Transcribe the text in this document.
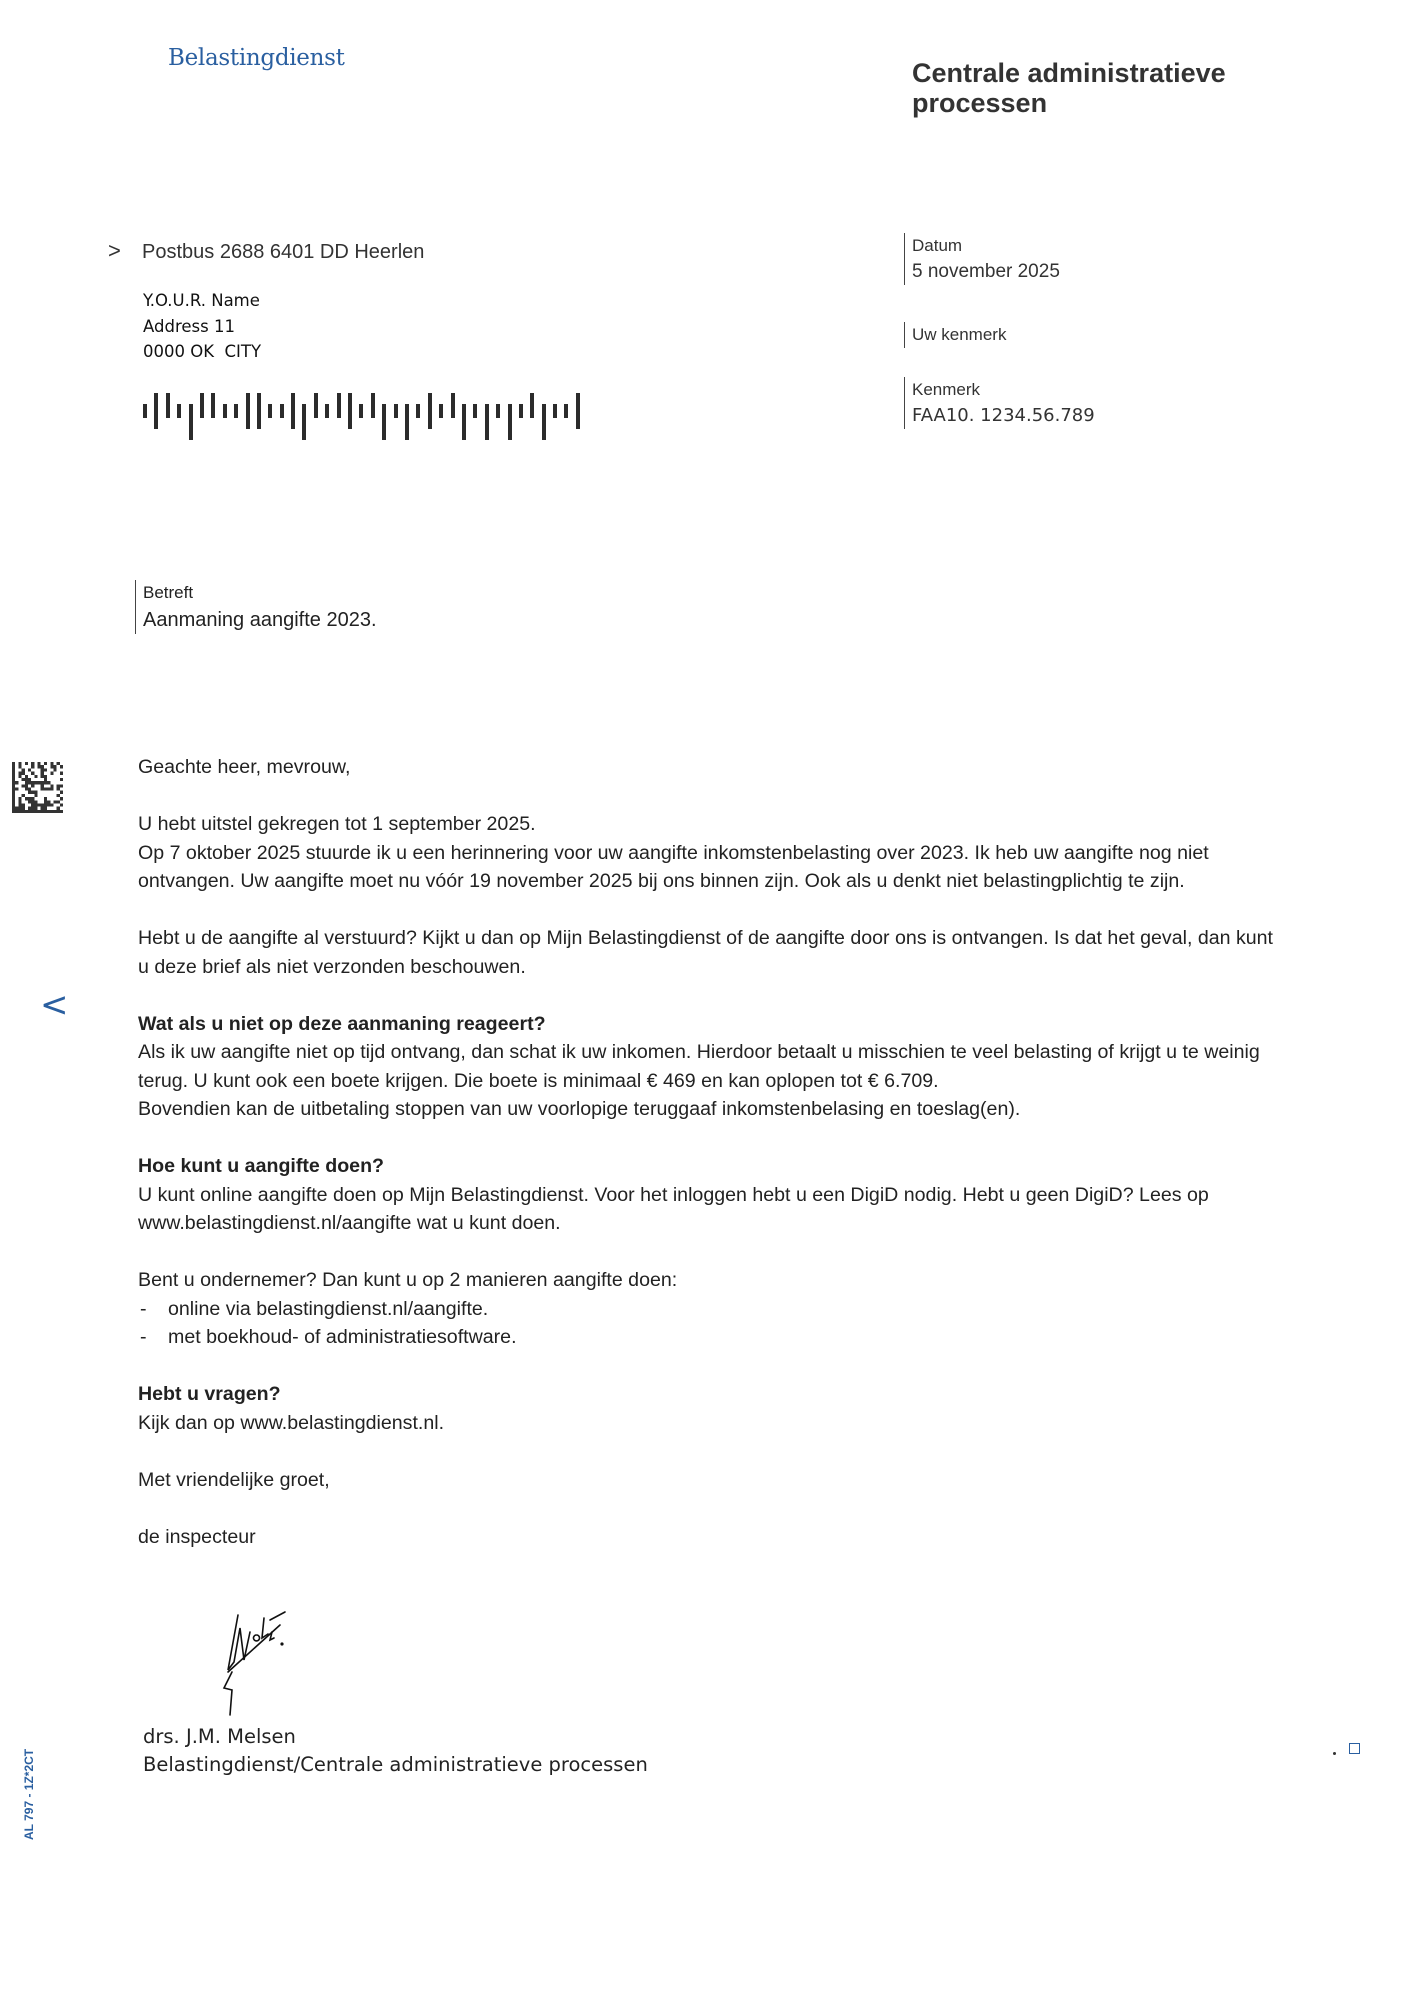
Belastingdienst	Centrale administratieve processen
> Postbus 2688 6401 DD Heerlen
Y.O.U.R. Name
Address 11
0000 OK  CITY
Datum
5 november 2025
Uw kenmerk
Kenmerk
FAA10. 1234.56.789
Betreft
Aanmaning aangifte 2023.
<
AL 797 - 1Z*2CT

Geachte heer, mevrouw,

U hebt uitstel gekregen tot 1 september 2025.
Op 7 oktober 2025 stuurde ik u een herinnering voor uw aangifte inkomstenbelasting over 2023. Ik heb uw aangifte nog niet ontvangen. Uw aangifte moet nu vóór 19 november 2025 bij ons binnen zijn. Ook als u denkt niet belastingplichtig te zijn.

Hebt u de aangifte al verstuurd? Kijkt u dan op Mijn Belastingdienst of de aangifte door ons is ontvangen. Is dat het geval, dan kunt u deze brief als niet verzonden beschouwen.

Wat als u niet op deze aanmaning reageert?
Als ik uw aangifte niet op tijd ontvang, dan schat ik uw inkomen. Hierdoor betaalt u misschien te veel belasting of krijgt u te weinig terug. U kunt ook een boete krijgen. Die boete is minimaal € 469 en kan oplopen tot € 6.709.
Bovendien kan de uitbetaling stoppen van uw voorlopige teruggaaf inkomstenbelasing en toeslag(en).

Hoe kunt u aangifte doen?
U kunt online aangifte doen op Mijn Belastingdienst. Voor het inloggen hebt u een DigiD nodig. Hebt u geen DigiD? Lees op www.belastingdienst.nl/aangifte wat u kunt doen.

Bent u ondernemer? Dan kunt u op 2 manieren aangifte doen:
- online via belastingdienst.nl/aangifte.
- met boekhoud- of administratiesoftware.

Hebt u vragen?
Kijk dan op www.belastingdienst.nl.

Met vriendelijke groet,

de inspecteur

drs. J.M. Melsen
Belastingdienst/Centrale administratieve processen
